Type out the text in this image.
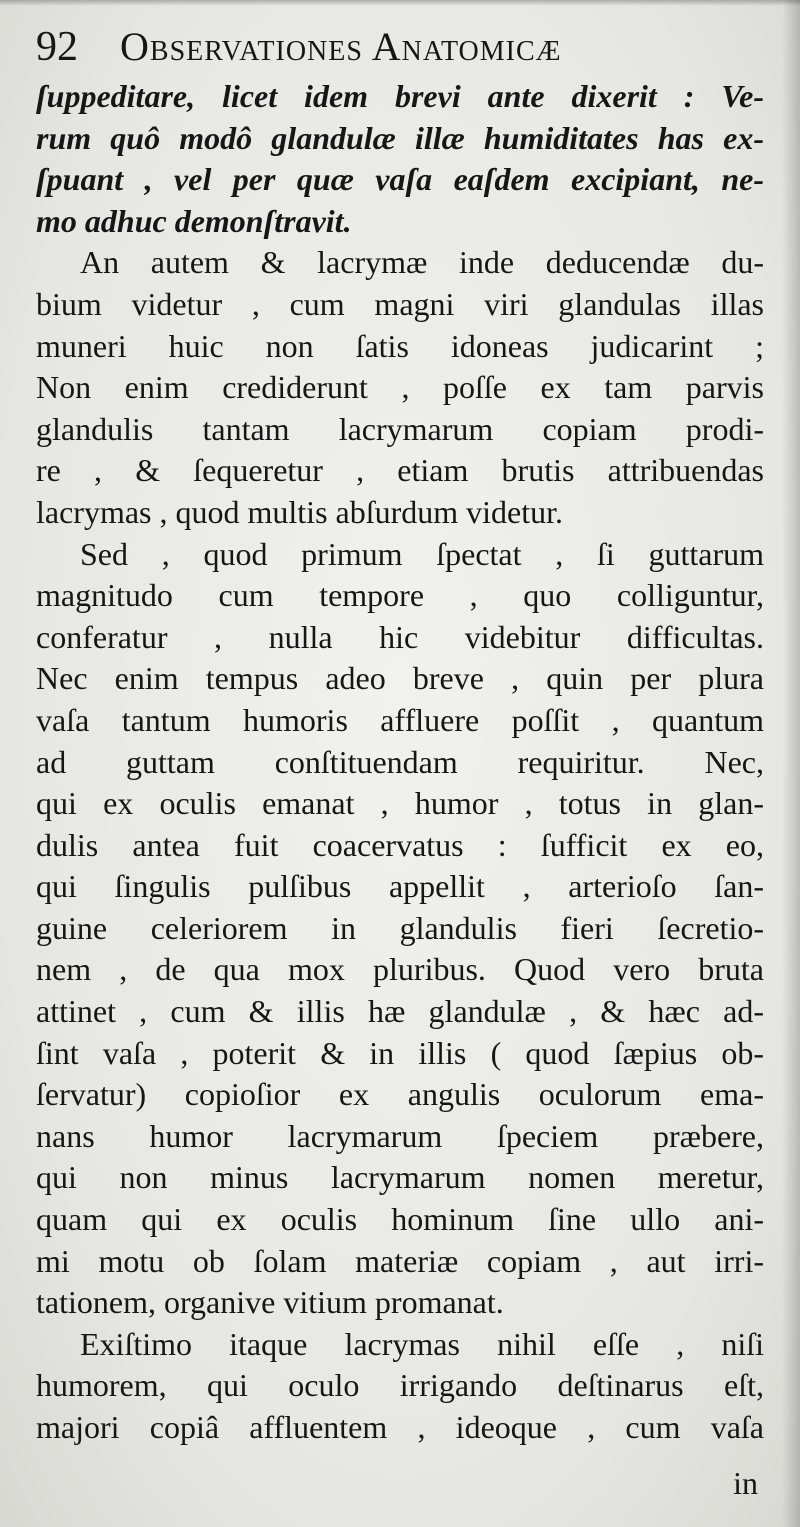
92 Observationes Anatomicæ
ſuppeditare, licet idem brevi ante dixerit : Ve-
rum quô modô glandulæ illæ humiditates has ex-
ſpuant , vel per quæ vaſa eaſdem excipiant, ne-
mo adhuc demonſtravit.
An autem & lacrymæ inde deducendæ du-
bium videtur , cum magni viri glandulas illas
muneri huic non ſatis idoneas judicarint ;
Non enim crediderunt , poſſe ex tam parvis
glandulis tantam lacrymarum copiam prodi-
re , & ſequeretur , etiam brutis attribuendas
lacrymas , quod multis abſurdum videtur.
Sed , quod primum ſpectat , ſi guttarum
magnitudo cum tempore , quo colliguntur,
conferatur , nulla hic videbitur difficultas.
Nec enim tempus adeo breve , quin per plura
vaſa tantum humoris affluere poſſit , quantum
ad guttam conſtituendam requiritur. Nec,
qui ex oculis emanat , humor , totus in glan-
dulis antea fuit coacervatus : ſufficit ex eo,
qui ſingulis pulſibus appellit , arterioſo ſan-
guine celeriorem in glandulis fieri ſecretio-
nem , de qua mox pluribus. Quod vero bruta
attinet , cum & illis hæ glandulæ , & hæc ad-
ſint vaſa , poterit & in illis ( quod ſæpius ob-
ſervatur) copioſior ex angulis oculorum ema-
nans humor lacrymarum ſpeciem præbere,
qui non minus lacrymarum nomen meretur,
quam qui ex oculis hominum ſine ullo ani-
mi motu ob ſolam materiæ copiam , aut irri-
tationem, organive vitium promanat.
Exiſtimo itaque lacrymas nihil eſſe , niſi
humorem, qui oculo irrigando deſtinarus eſt,
majori copiâ affluentem , ideoque , cum vaſa
in
